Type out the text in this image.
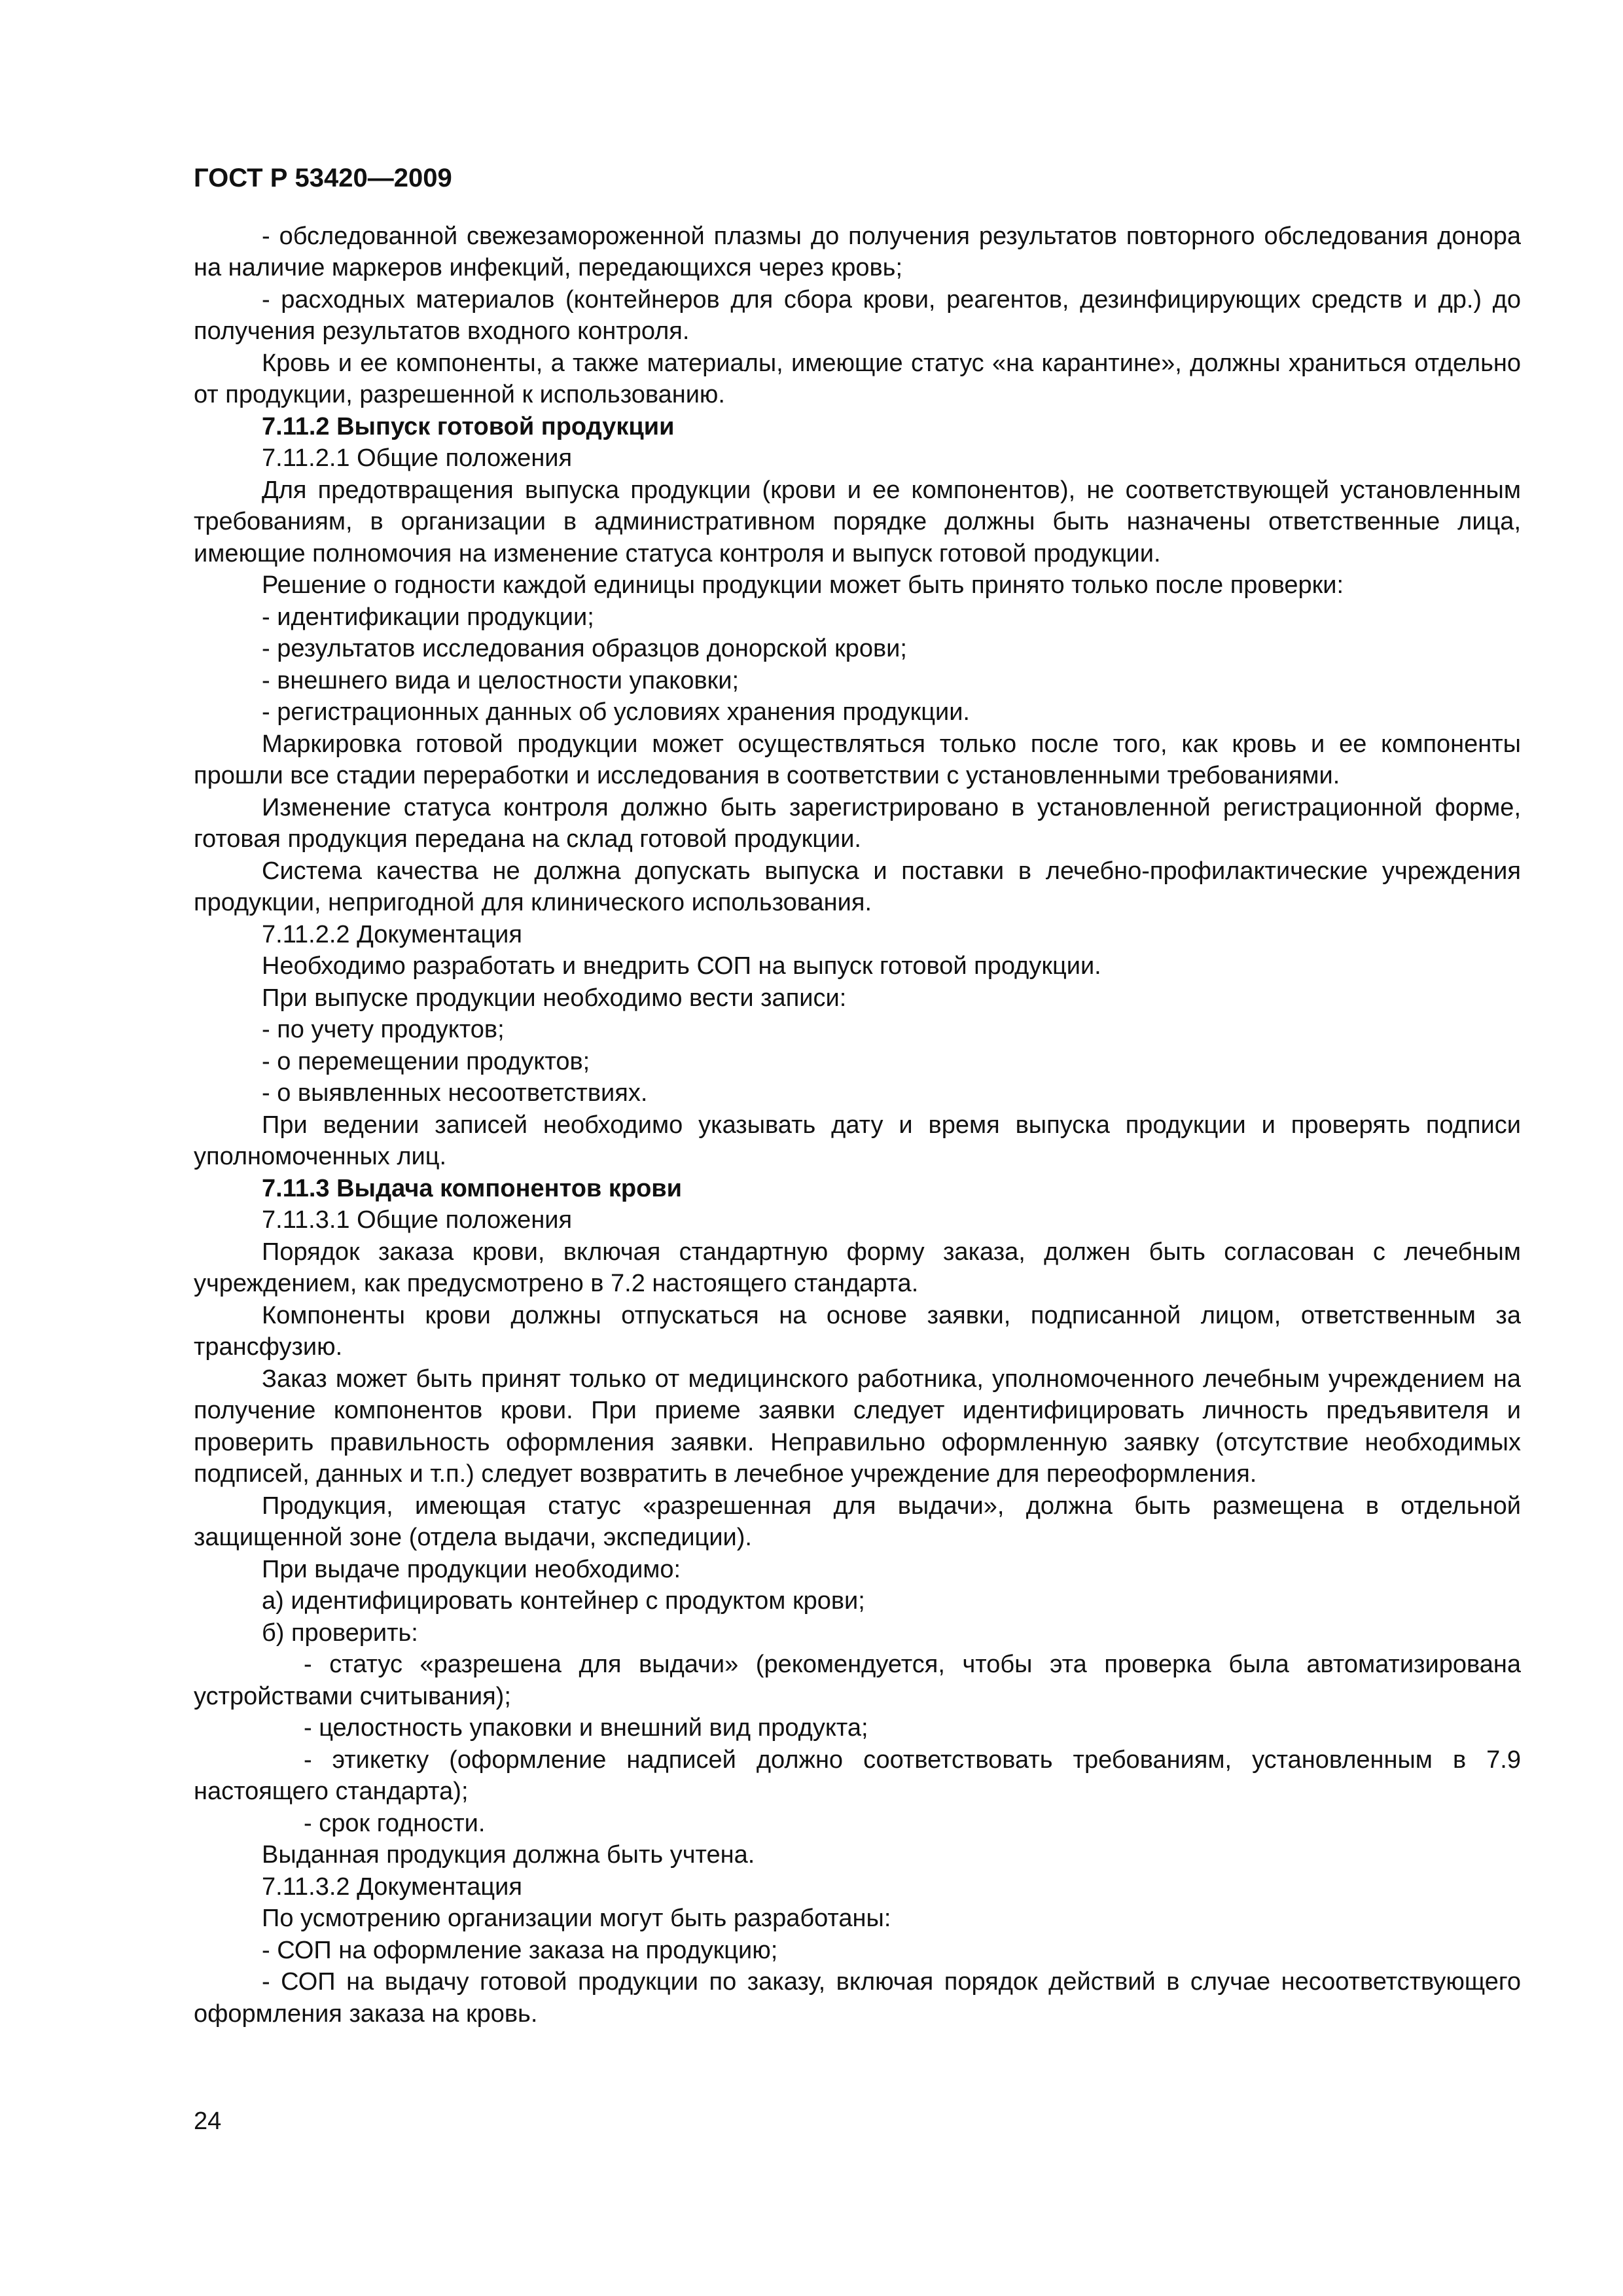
ГОСТ Р 53420—2009

- обследованной свежезамороженной плазмы до получения результатов повторного обследования донора на наличие маркеров инфекций, передающихся через кровь;

- расходных материалов (контейнеров для сбора крови, реагентов, дезинфицирующих средств и др.) до получения результатов входного контроля.

Кровь и ее компоненты, а также материалы, имеющие статус «на карантине», должны храниться отдельно от продукции, разрешенной к использованию.

7.11.2 Выпуск готовой продукции

7.11.2.1 Общие положения

Для предотвращения выпуска продукции (крови и ее компонентов), не соответствующей установленным требованиям, в организации в административном порядке должны быть назначены ответственные лица, имеющие полномочия на изменение статуса контроля и выпуск готовой продукции.

Решение о годности каждой единицы продукции может быть принято только после проверки:

- идентификации продукции;

- результатов исследования образцов донорской крови;

- внешнего вида и целостности упаковки;

- регистрационных данных об условиях хранения продукции.

Маркировка готовой продукции может осуществляться только после того, как кровь и ее компоненты прошли все стадии переработки и исследования в соответствии с установленными требованиями.

Изменение статуса контроля должно быть зарегистрировано в установленной регистрационной форме, готовая продукция передана на склад готовой продукции.

Система качества не должна допускать выпуска и поставки в лечебно-профилактические учреждения продукции, непригодной для клинического использования.

7.11.2.2 Документация

Необходимо разработать и внедрить СОП на выпуск готовой продукции.

При выпуске продукции необходимо вести записи:

- по учету продуктов;

- о перемещении продуктов;

- о выявленных несоответствиях.

При ведении записей необходимо указывать дату и время выпуска продукции и проверять подписи уполномоченных лиц.

7.11.3 Выдача компонентов крови

7.11.3.1 Общие положения

Порядок заказа крови, включая стандартную форму заказа, должен быть согласован с лечебным учреждением, как предусмотрено в 7.2 настоящего стандарта.

Компоненты крови должны отпускаться на основе заявки, подписанной лицом, ответственным за трансфузию.

Заказ может быть принят только от медицинского работника, уполномоченного лечебным учреждением на получение компонентов крови. При приеме заявки следует идентифицировать личность предъявителя и проверить правильность оформления заявки. Неправильно оформленную заявку (отсутствие необходимых подписей, данных и т.п.) следует возвратить в лечебное учреждение для переоформления.

Продукция, имеющая статус «разрешенная для выдачи», должна быть размещена в отдельной защищенной зоне (отдела выдачи, экспедиции).

При выдаче продукции необходимо:

а) идентифицировать контейнер с продуктом крови;

б) проверить:

- статус «разрешена для выдачи» (рекомендуется, чтобы эта проверка была автоматизирована устройствами считывания);

- целостность упаковки и внешний вид продукта;

- этикетку (оформление надписей должно соответствовать требованиям, установленным в 7.9 настоящего стандарта);

- срок годности.

Выданная продукция должна быть учтена.

7.11.3.2 Документация

По усмотрению организации могут быть разработаны:

- СОП на оформление заказа на продукцию;

- СОП на выдачу готовой продукции по заказу, включая порядок действий в случае несоответствующего оформления заказа на кровь.

24
